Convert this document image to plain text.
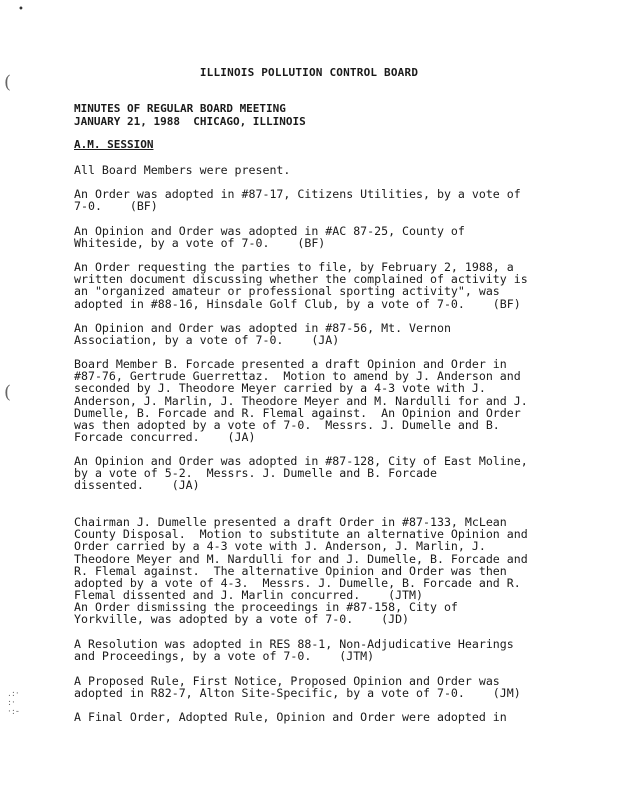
•
(
(
.:·
:·
·:-
ILLINOIS POLLUTION CONTROL BOARD
MINUTES OF REGULAR BOARD MEETING
JANUARY 21, 1988  CHICAGO, ILLINOIS
A.M. SESSION
All Board Members were present.
An Order was adopted in #87-17, Citizens Utilities, by a vote of
7-0.    (BF)
An Opinion and Order was adopted in #AC 87-25, County of
Whiteside, by a vote of 7-0.    (BF)
An Order requesting the parties to file, by February 2, 1988, a
written document discussing whether the complained of activity is
an "organized amateur or professional sporting activity", was
adopted in #88-16, Hinsdale Golf Club, by a vote of 7-0.    (BF)
An Opinion and Order was adopted in #87-56, Mt. Vernon
Association, by a vote of 7-0.    (JA)
Board Member B. Forcade presented a draft Opinion and Order in
#87-76, Gertrude Guerrettaz.  Motion to amend by J. Anderson and
seconded by J. Theodore Meyer carried by a 4-3 vote with J.
Anderson, J. Marlin, J. Theodore Meyer and M. Nardulli for and J.
Dumelle, B. Forcade and R. Flemal against.  An Opinion and Order
was then adopted by a vote of 7-0.  Messrs. J. Dumelle and B.
Forcade concurred.    (JA)
An Opinion and Order was adopted in #87-128, City of East Moline,
by a vote of 5-2.  Messrs. J. Dumelle and B. Forcade
dissented.    (JA)
Chairman J. Dumelle presented a draft Order in #87-133, McLean
County Disposal.  Motion to substitute an alternative Opinion and
Order carried by a 4-3 vote with J. Anderson, J. Marlin, J.
Theodore Meyer and M. Nardulli for and J. Dumelle, B. Forcade and
R. Flemal against.  The alternative Opinion and Order was then
adopted by a vote of 4-3.  Messrs. J. Dumelle, B. Forcade and R.
Flemal dissented and J. Marlin concurred.    (JTM)
An Order dismissing the proceedings in #87-158, City of
Yorkville, was adopted by a vote of 7-0.    (JD)
A Resolution was adopted in RES 88-1, Non-Adjudicative Hearings
and Proceedings, by a vote of 7-0.    (JTM)
A Proposed Rule, First Notice, Proposed Opinion and Order was
adopted in R82-7, Alton Site-Specific, by a vote of 7-0.    (JM)
A Final Order, Adopted Rule, Opinion and Order were adopted in
